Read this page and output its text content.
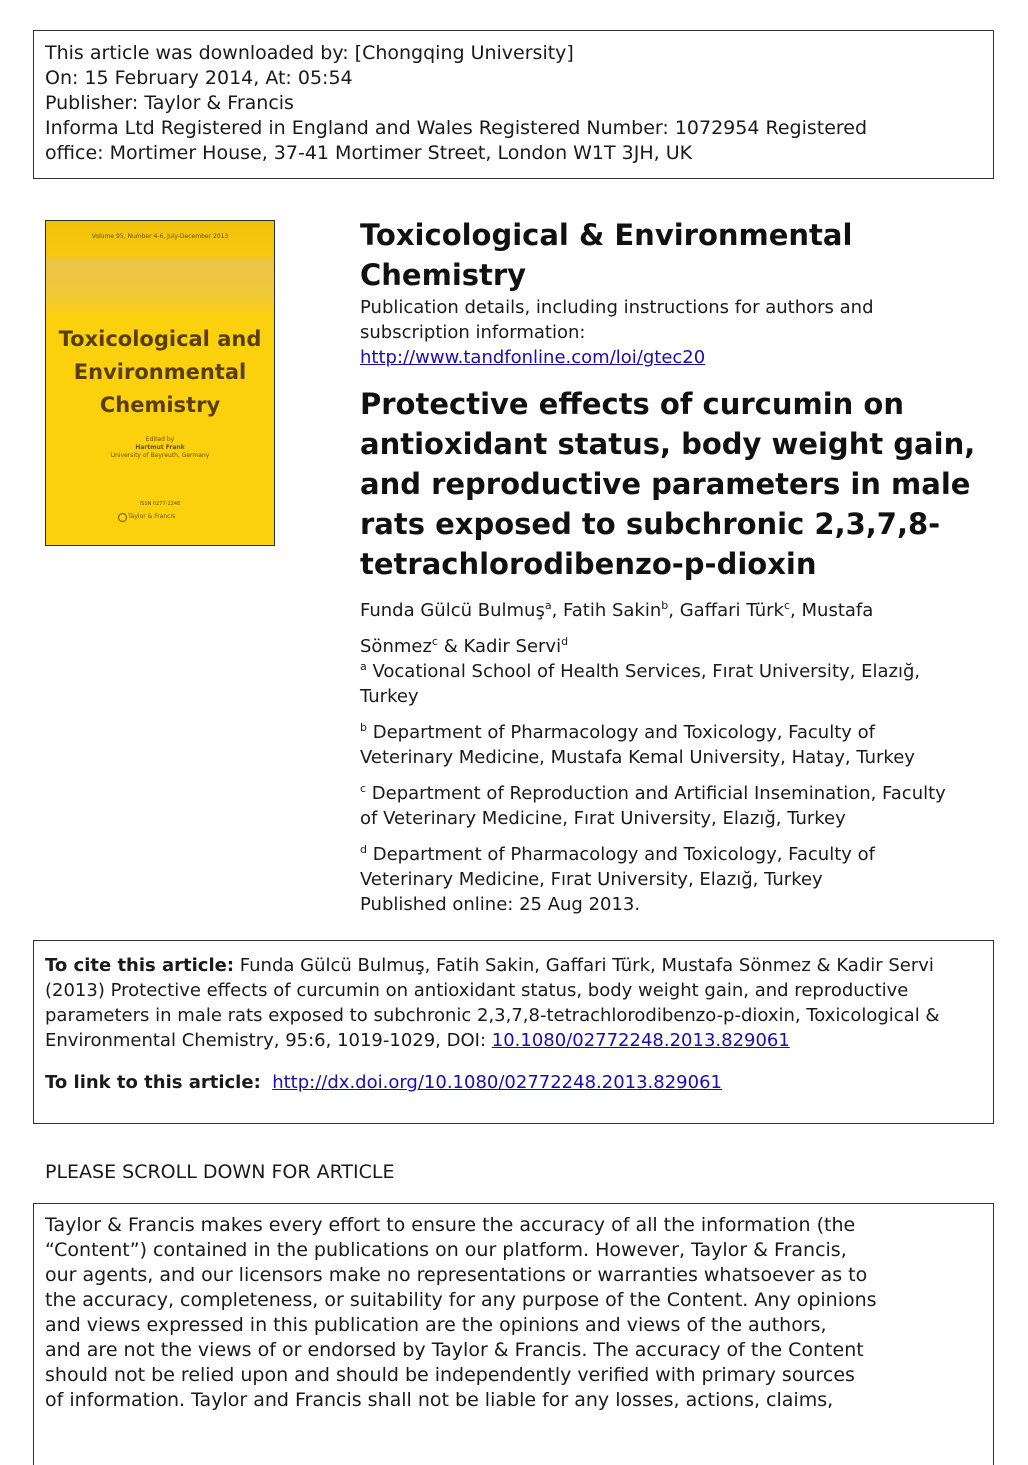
This article was downloaded by: [Chongqing University]
On: 15 February 2014, At: 05:54
Publisher: Taylor & Francis
Informa Ltd Registered in England and Wales Registered Number: 1072954 Registered
office: Mortimer House, 37-41 Mortimer Street, London W1T 3JH, UK
Volume 95, Number 4-6, July-December 2013
Toxicological and
Environmental
Chemistry
Edited by
Hartmut Frank
University of Bayreuth, Germany
ISSN 0277-2248
Taylor & Francis
Toxicological & Environmental
Chemistry
Publication details, including instructions for authors and
subscription information:
http://www.tandfonline.com/loi/gtec20
Protective effects of curcumin on
antioxidant status, body weight gain,
and reproductive parameters in male
rats exposed to subchronic 2,3,7,8-
tetrachlorodibenzo-p-dioxin
Funda Gülcü Bulmuş$^a$, Fatih Sakin$^b$, Gaffari Türk$^c$, Mustafa Sönmez$^c$ & Kadir Servi$^d$
$^a$ Vocational School of Health Services, Fırat University, Elazığ,
Turkey
$^b$ Department of Pharmacology and Toxicology, Faculty of
Veterinary Medicine, Mustafa Kemal University, Hatay, Turkey
$^c$ Department of Reproduction and Artificial Insemination, Faculty
of Veterinary Medicine, Fırat University, Elazığ, Turkey
$^d$ Department of Pharmacology and Toxicology, Faculty of
Veterinary Medicine, Fırat University, Elazığ, Turkey
Published online: 25 Aug 2013.

To cite this article: Funda Gülcü Bulmuş, Fatih Sakin, Gaffari Türk, Mustafa Sönmez & Kadir Servi
(2013) Protective effects of curcumin on antioxidant status, body weight gain, and reproductive
parameters in male rats exposed to subchronic 2,3,7,8-tetrachlorodibenzo-p-dioxin, Toxicological &
Environmental Chemistry, 95:6, 1019-1029, DOI: 10.1080/02772248.2013.829061

To link to this article: http://dx.doi.org/10.1080/02772248.2013.829061

PLEASE SCROLL DOWN FOR ARTICLE

Taylor & Francis makes every effort to ensure the accuracy of all the information (the

“Content”) contained in the publications on our platform. However, Taylor & Francis,

our agents, and our licensors make no representations or warranties whatsoever as to

the accuracy, completeness, or suitability for any purpose of the Content. Any opinions

and views expressed in this publication are the opinions and views of the authors,

and are not the views of or endorsed by Taylor & Francis. The accuracy of the Content

should not be relied upon and should be independently verified with primary sources

of information. Taylor and Francis shall not be liable for any losses, actions, claims,
